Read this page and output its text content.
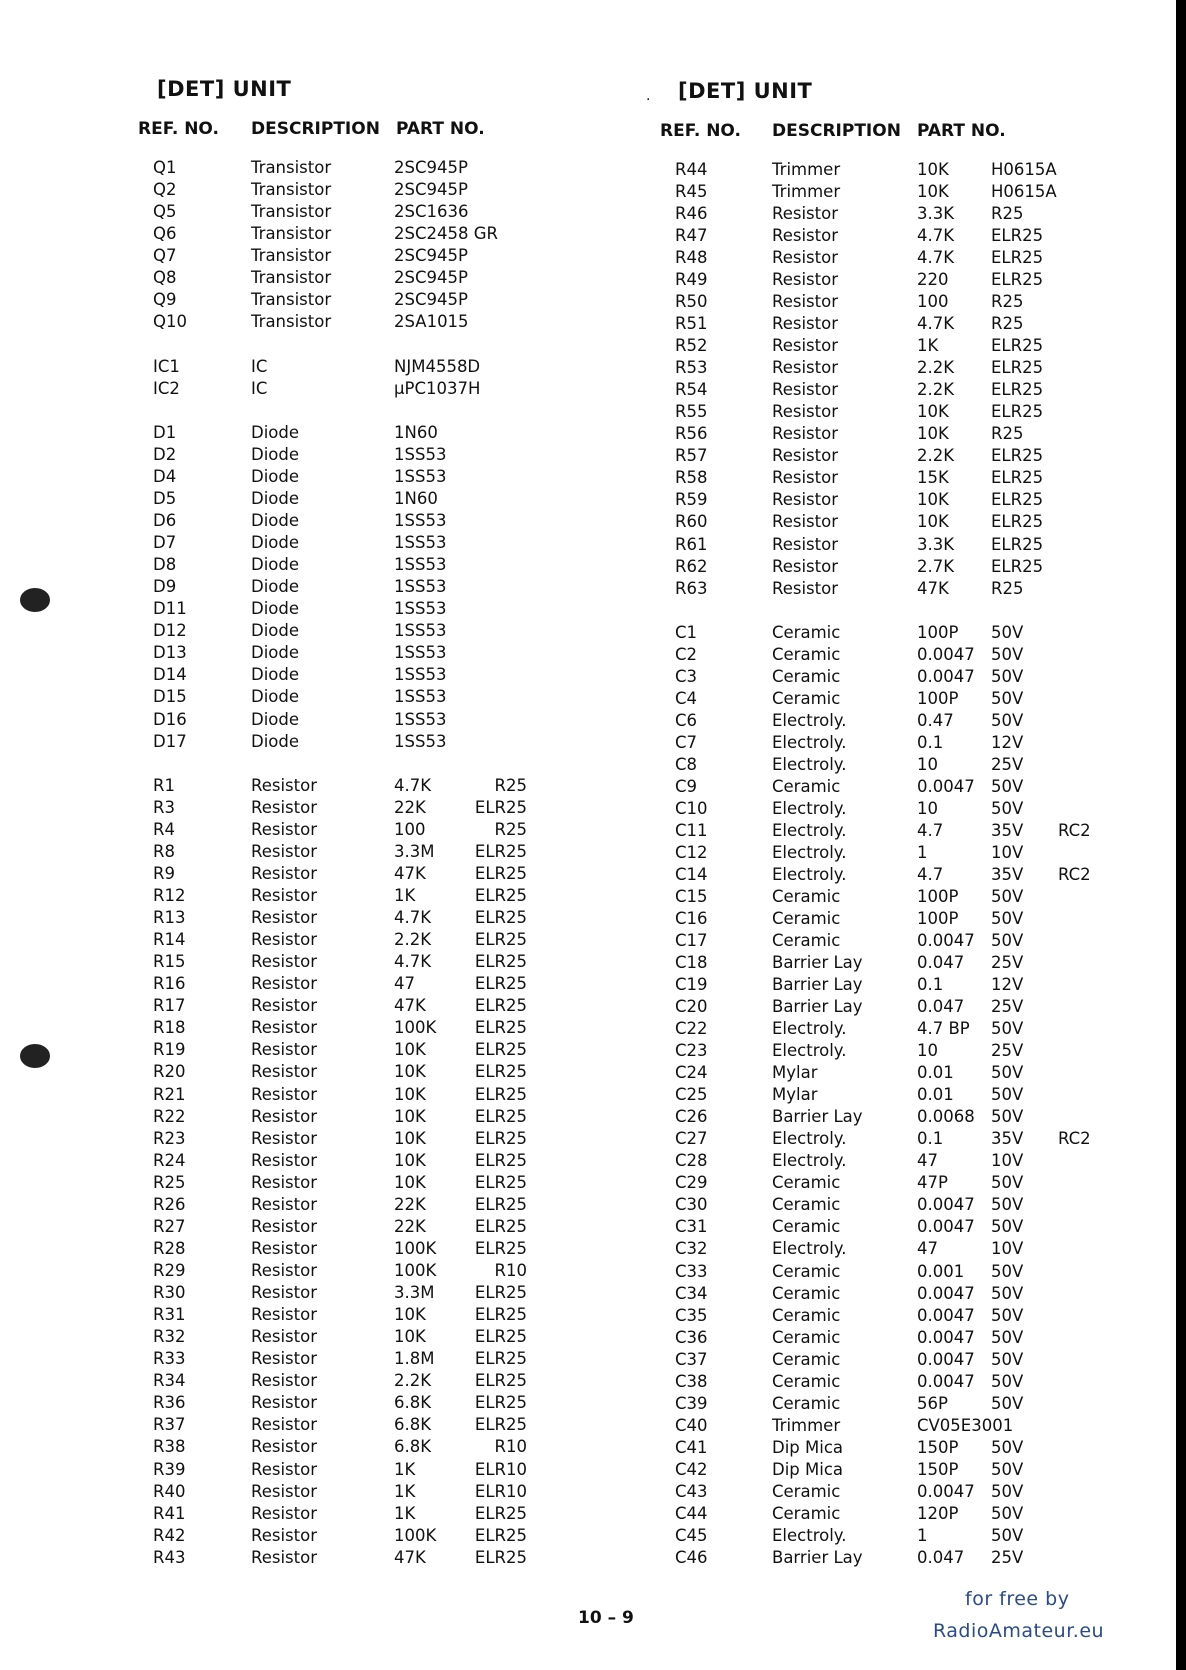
·
[DET] UNIT
REF. NO. DESCRIPTION PART NO.
Q1	Transistor	2SC945P
Q2	Transistor	2SC945P
Q5	Transistor	2SC1636
Q6	Transistor	2SC2458 GR
Q7	Transistor	2SC945P
Q8	Transistor	2SC945P
Q9	Transistor	2SC945P
Q10	Transistor	2SA1015
IC1	IC	NJM4558D
IC2	IC	μPC1037H
D1	Diode	1N60
D2	Diode	1SS53
D4	Diode	1SS53
D5	Diode	1N60
D6	Diode	1SS53
D7	Diode	1SS53
D8	Diode	1SS53
D9	Diode	1SS53
D11	Diode	1SS53
D12	Diode	1SS53
D13	Diode	1SS53
D14	Diode	1SS53
D15	Diode	1SS53
D16	Diode	1SS53
D17	Diode	1SS53
R1	Resistor	4.7K	R25
R3	Resistor	22K	ELR25
R4	Resistor	100	R25
R8	Resistor	3.3M ELR25
R9	Resistor	47K	ELR25
R12	Resistor	1K	ELR25
R13	Resistor	4.7K	ELR25
R14	Resistor	2.2K	ELR25
R15	Resistor	4.7K	ELR25
R16	Resistor	47	ELR25
R17	Resistor	47K	ELR25
R18	Resistor	100K ELR25
R19	Resistor	10K	ELR25
R20	Resistor	10K	ELR25
R21	Resistor	10K	ELR25
R22	Resistor	10K	ELR25
R23	Resistor	10K	ELR25
R24	Resistor	10K	ELR25
R25	Resistor	10K	ELR25
R26	Resistor	22K	ELR25
R27	Resistor	22K	ELR25
R28	Resistor	100K ELR25
R29	Resistor	100K	R10
R30	Resistor	3.3M ELR25
R31	Resistor	10K	ELR25
R32	Resistor	10K	ELR25
R33	Resistor	1.8M ELR25
R34	Resistor	2.2K	ELR25
R36	Resistor	6.8K	ELR25
R37	Resistor	6.8K	ELR25
R38	Resistor	6.8K	R10
R39	Resistor	1K	ELR10
R40	Resistor	1K	ELR10
R41	Resistor	1K	ELR25
R42	Resistor	100K ELR25
R43	Resistor	47K	ELR25
[DET] UNIT
REF. NO. DESCRIPTION PART NO.
R44	Trimmer	10K	H0615A
R45	Trimmer	10K	H0615A
R46	Resistor	3.3K R25
R47	Resistor	4.7K ELR25
R48	Resistor	4.7K ELR25
R49	Resistor	220	ELR25
R50	Resistor	100	R25
R51	Resistor	4.7K R25
R52	Resistor	1K	ELR25
R53	Resistor	2.2K ELR25
R54	Resistor	2.2K ELR25
R55	Resistor	10K	ELR25
R56	Resistor	10K	R25
R57	Resistor	2.2K ELR25
R58	Resistor	15K	ELR25
R59	Resistor	10K	ELR25
R60	Resistor	10K	ELR25
R61	Resistor	3.3K ELR25
R62	Resistor	2.7K ELR25
R63	Resistor	47K	R25
C1	Ceramic	100P 50V
C2	Ceramic	0.0047 50V
C3	Ceramic	0.0047 50V
C4	Ceramic	100P 50V
C6	Electroly.	0.47 50V
C7	Electroly.	0.1	12V
C8	Electroly.	10	25V
C9	Ceramic	0.0047 50V
C10	Electroly.	10	50V
C11	Electroly.	4.7	35V RC2
C12	Electroly.	1	10V
C14	Electroly.	4.7	35V RC2
C15	Ceramic	100P 50V
C16	Ceramic	100P 50V
C17	Ceramic	0.0047 50V
C18	Barrier Lay	0.047 25V
C19	Barrier Lay	0.1	12V
C20	Barrier Lay	0.047 25V
C22	Electroly.	4.7 BP 50V
C23	Electroly.	10	25V
C24	Mylar	0.01 50V
C25	Mylar	0.01 50V
C26	Barrier Lay	0.0068 50V
C27	Electroly.	0.1	35V RC2
C28	Electroly.	47	10V
C29	Ceramic	47P	50V
C30	Ceramic	0.0047 50V
C31	Ceramic	0.0047 50V
C32	Electroly.	47	10V
C33	Ceramic	0.001 50V
C34	Ceramic	0.0047 50V
C35	Ceramic	0.0047 50V
C36	Ceramic	0.0047 50V
C37	Ceramic	0.0047 50V
C38	Ceramic	0.0047 50V
C39	Ceramic	56P	50V
C40	Trimmer	CV05E3001
C41	Dip Mica	150P 50V
C42	Dip Mica	150P 50V
C43	Ceramic	0.0047 50V
C44	Ceramic	120P 50V
C45	Electroly.	1	50V
C46	Barrier Lay	0.047 25V
10 – 9
for free by
RadioAmateur.eu
